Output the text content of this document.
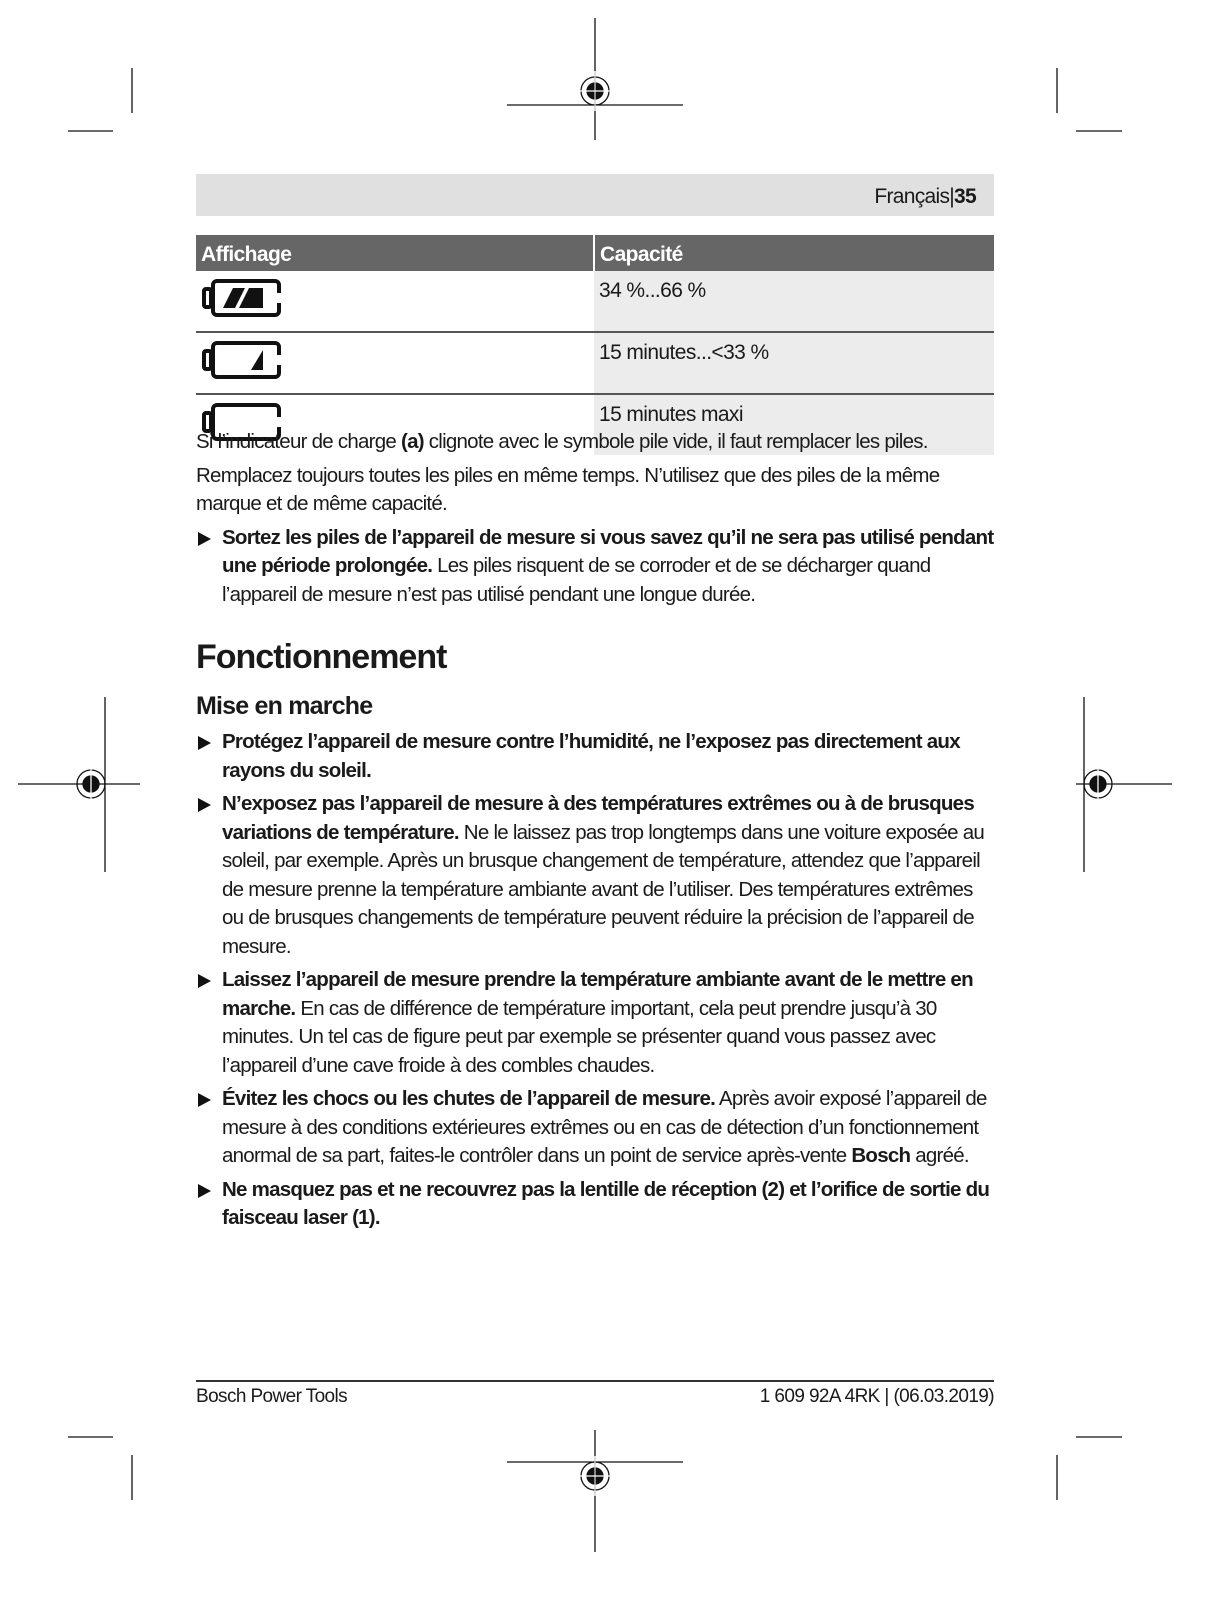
Français|35
Affichage	Capacité
	34 %...66 %
	15 minutes...<33 %
	15 minutes maxi

Si l’indicateur de charge (a) clignote avec le symbole pile vide, il faut remplacer les piles.

Remplacez toujours toutes les piles en même temps. N’utilisez que des piles de la même marque et de même capacité.

Sortez les piles de l’appareil de mesure si vous savez qu’il ne sera pas utilisé pendant une période prolongée. Les piles risquent de se corroder et de se décharger quand l’appareil de mesure n’est pas utilisé pendant une longue durée.
Fonctionnement
Mise en marche
Protégez l’appareil de mesure contre l’humidité, ne l’exposez pas directement aux rayons du soleil.
N’exposez pas l’appareil de mesure à des températures extrêmes ou à de brusques variations de température. Ne le laissez pas trop longtemps dans une voiture exposée au soleil, par exemple. Après un brusque changement de température, attendez que l’appareil de mesure prenne la température ambiante avant de l’utiliser. Des températures extrêmes ou de brusques changements de température peuvent réduire la précision de l’appareil de mesure.
Laissez l’appareil de mesure prendre la température ambiante avant de le mettre en marche. En cas de différence de température important, cela peut prendre jusqu’à 30 minutes. Un tel cas de figure peut par exemple se présenter quand vous passez avec l’appareil d’une cave froide à des combles chaudes.
Évitez les chocs ou les chutes de l’appareil de mesure. Après avoir exposé l’appareil de mesure à des conditions extérieures extrêmes ou en cas de détection d’un fonctionnement anormal de sa part, faites-le contrôler dans un point de service après-vente Bosch agréé.
Ne masquez pas et ne recouvrez pas la lentille de réception (2) et l’orifice de sortie du faisceau laser (1).
Bosch Power Tools	1 609 92A 4RK | (06.03.2019)
